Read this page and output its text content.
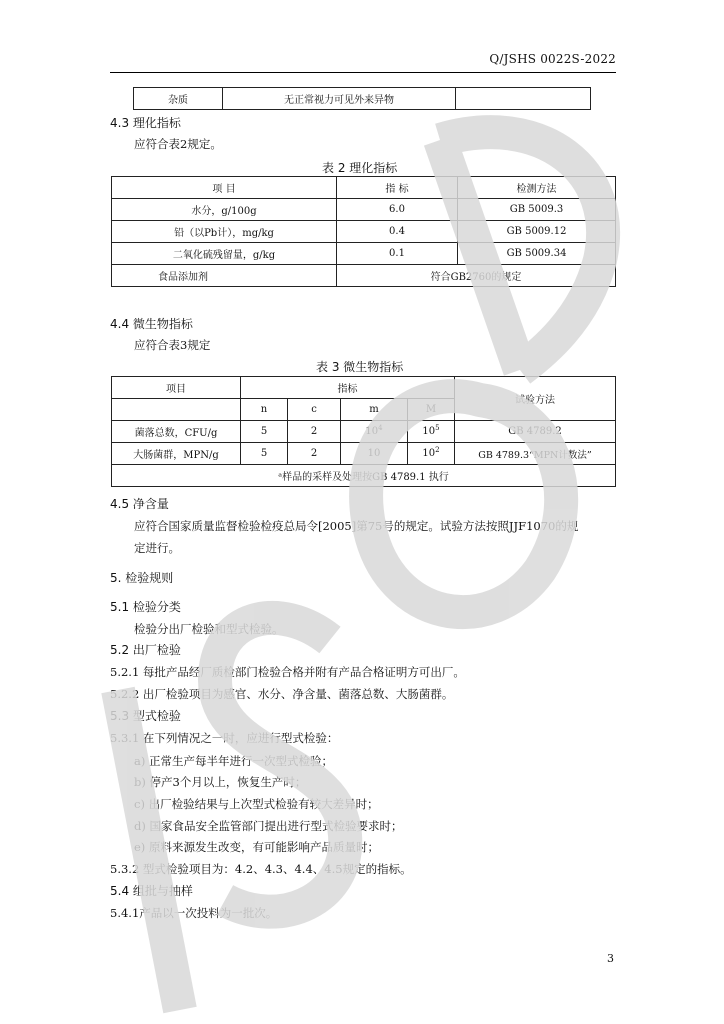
Q/JSHS 0022S-2022
杂质	无正常视力可见外来异物	
4.3 理化指标
应符合表2规定。
表 2 理化指标
项 目	指 标	检测方法
水分，g/100g	6.0	GB 5009.3
铅（以Pb计），mg/kg	0.4	GB 5009.12
二氧化硫残留量，g/kg	0.1	GB 5009.34
食品添加剂	符合GB2760的规定	
4.4 微生物指标
应符合表3规定
表 3 微生物指标
项目	指标				试验方法
	n	c	m	M	
菌落总数，CFU/g	5	2	$10^4$	$10^5$	GB 4789.2
大肠菌群，MPN/g	5	2	10	$10^2$	GB 4789.3“MPN计数法”
ᵃ样品的采样及处理按GB 4789.1 执行					
4.5 净含量
应符合国家质量监督检验检疫总局令[2005]第75号的规定。试验方法按照JJF1070的规
定进行。
5. 检验规则
5.1 检验分类
检验分出厂检验和型式检验。
5.2 出厂检验
5.2.1 每批产品经厂质检部门检验合格并附有产品合格证明方可出厂。
5.2.2 出厂检验项目为感官、水分、净含量、菌落总数、大肠菌群。
5.3 型式检验
5.3.1 在下列情况之一时，应进行型式检验：
a) 正常生产每半年进行一次型式检验；
b) 停产3个月以上，恢复生产时；
c) 出厂检验结果与上次型式检验有较大差异时；
d) 国家食品安全监管部门提出进行型式检验要求时；
e) 原料来源发生改变，有可能影响产品质量时；
5.3.2 型式检验项目为：4.2、4.3、4.4、4.5规定的指标。
5.4 组批与抽样
5.4.1产品以一次投料为一批次。
3
